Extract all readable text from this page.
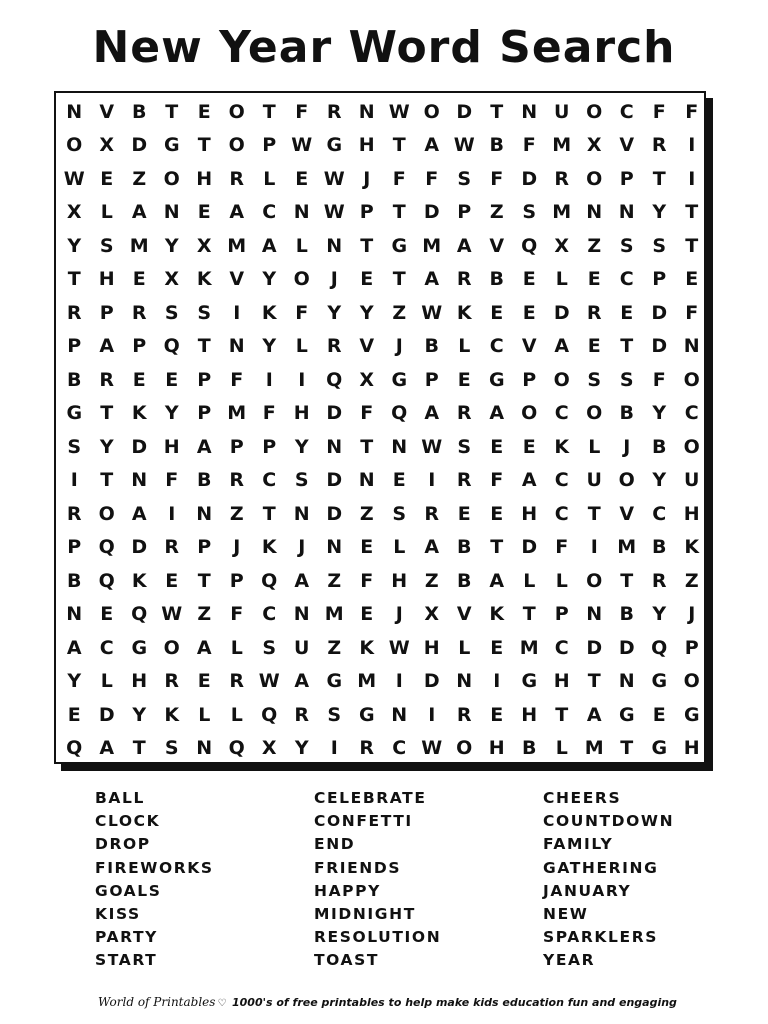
New Year Word Search
N V B T	E O T	F R N W O D T N U O C	F	F
O X D G T O P W G H T A W B F M X V R	I
W E	Z O H R	L	E W J	F	F	S	F D R O P	T	I
X	L	A N E A C N W P	T D P Z S M N N Y	T
Y S M Y X M A	L N T G M A V Q X Z S S	T
T H E X K V Y O	J	E	T A R B E	L	E	C P	E
R P R S S	I	K F	Y Y Z W K E	E D R E D F
P A P Q T N Y	L	R V	J	B	L	C V A E	T D N
B R E	E	P	F	I	I	Q X G P	E G P O S S	F O
G T K Y P M F H D F Q A R A O C O B Y C
S Y D H A P P Y N T N W S	E	E K	L	J	B O
I	T N F B R C S D N E	I	R F A C U O Y U
R O A	I	N Z	T N D Z S R E	E H C	T V C H
P Q D R P	J	K	J	N E	L	A B T D F	I	M B K
B Q K E	T	P Q A Z	F H Z B A	L	L O T R Z
N E Q W Z	F	C N M E	J	X V K T	P N B Y	J
A C G O A	L	S U Z K W H L	E M C D D Q P
Y	L H R E R W A G M	I	D N	I	G H T N G O
E D Y K	L	L Q R S G N	I	R E H T A G E G
Q A T	S N Q X Y	I	R C W O H B	L M T G H
BALL
CLOCK
DROP
FIREWORKS
GOALS
KISS
PARTY
START
CELEBRATE
CONFETTI
END
FRIENDS
HAPPY
MIDNIGHT
RESOLUTION
TOAST
CHEERS
COUNTDOWN
FAMILY
GATHERING
JANUARY
NEW
SPARKLERS
YEAR
World of Printables ♡ 1000's of free printables to help make kids education fun and engaging
